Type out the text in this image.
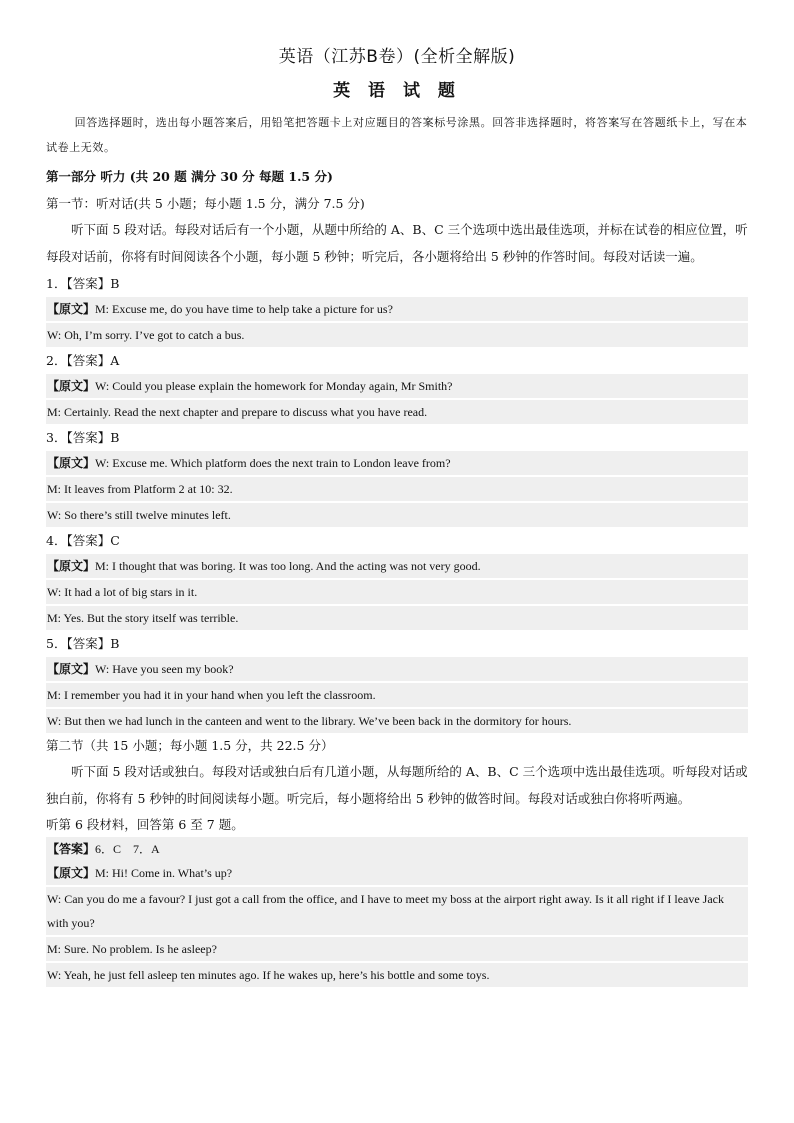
英语（江苏B卷）(全析全解版)
英 语 试 题

回答选择题时，选出每小题答案后，用铅笔把答题卡上对应题目的答案标号涂黑。回答非选择题时，将答案写在答题纸卡上，写在本试卷上无效。

第一部分 听力 (共 20 题 满分 30 分 每题 1.5 分)

第一节：听对话(共 5 小题；每小题 1.5 分，满分 7.5 分)

听下面 5 段对话。每段对话后有一个小题，从题中所给的 A、B、C 三个选项中选出最佳选项，并标在试卷的相应位置，听每段对话前，你将有时间阅读各个小题，每小题 5 秒钟；听完后，各小题将给出 5 秒钟的作答时间。每段对话读一遍。

1．【答案】B

【原文】M: Excuse me, do you have time to help take a picture for us?
W: Oh, I’m sorry. I’ve got to catch a bus.

2．【答案】A

【原文】W: Could you please explain the homework for Monday again, Mr Smith?
M: Certainly. Read the next chapter and prepare to discuss what you have read.

3．【答案】B

【原文】W: Excuse me. Which platform does the next train to London leave from?
M: It leaves from Platform 2 at 10: 32.
W: So there’s still twelve minutes left.

4．【答案】C

【原文】M: I thought that was boring. It was too long. And the acting was not very good.
W: It had a lot of big stars in it.
M: Yes. But the story itself was terrible.

5．【答案】B

【原文】W: Have you seen my book?
M: I remember you had it in your hand when you left the classroom.
W: But then we had lunch in the canteen and went to the library. We’ve been back in the dormitory for hours.

第二节（共 15 小题；每小题 1.5 分，共 22.5 分）

听下面 5 段对话或独白。每段对话或独白后有几道小题，从每题所给的 A、B、C 三个选项中选出最佳选项。听每段对话或独白前，你将有 5 秒钟的时间阅读每小题。听完后，每小题将给出 5 秒钟的做答时间。每段对话或独白你将听两遍。

听第 6 段材料，回答第 6 至 7 题。

【答案】6．C　7．A
【原文】M: Hi! Come in. What’s up?
W: Can you do me a favour? I just got a call from the office, and I have to meet my boss at the airport right away. Is it all right if I leave Jack with you?
M: Sure. No problem. Is he asleep?
W: Yeah, he just fell asleep ten minutes ago. If he wakes up, here’s his bottle and some toys.
